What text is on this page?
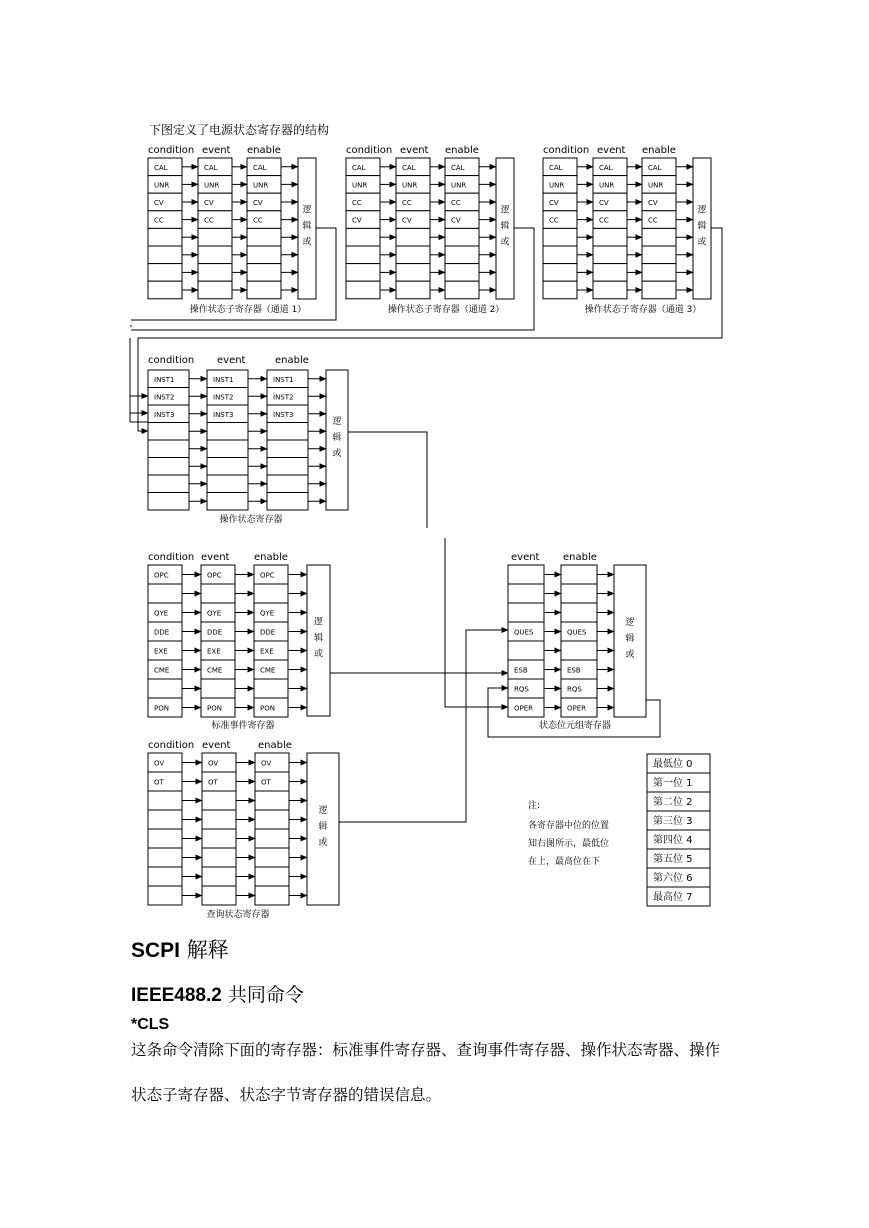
下图定义了电源状态寄存器的结构
CAL
UNR
CV
CC
condition
CAL
UNR
CV
CC
event
CAL
UNR
CV
CC
enable
逻
辑
或
操作状态子寄存器（通道 1）
CAL
UNR
CC
CV
condition
CAL
UNR
CC
CV
event
CAL
UNR
CC
CV
enable
逻
辑
或
操作状态子寄存器（通道 2）
CAL
UNR
CV
CC
condition
CAL
UNR
CV
CC
event
CAL
UNR
CV
CC
enable
逻
辑
或
操作状态子寄存器（通道 3）
INST1
INST2
INST3
condition
INST1
INST2
INST3
event
INST1
INST2
INST3
enable
逻
辑
或
操作状态寄存器
OPC
QYE
DDE
EXE
CME
PON
condition
OPC
QYE
DDE
EXE
CME
PON
event
OPC
QYE
DDE
EXE
CME
PON
enable
逻
辑
或
标准事件寄存器
OV
OT
condition
OV
OT
event
OV
OT
enable
逻
辑
或
查询状态寄存器
QUES
ESB
RQS
OPER
event
QUES
ESB
RQS
OPER
enable
逻
辑
或
状态位元组寄存器
注:
各寄存器中位的位置
知右图所示，最低位
在上，最高位在下
最低位 0
第一位 1
第二位 2
第三位 3
第四位 4
第五位 5
第六位 6
最高位 7
SCPI 解释
IEEE488.2 共同命令
*CLS
这条命令清除下面的寄存器：标准事件寄存器、查询事件寄存器、操作状态寄器、操作
状态子寄存器、状态字节寄存器的错误信息。
